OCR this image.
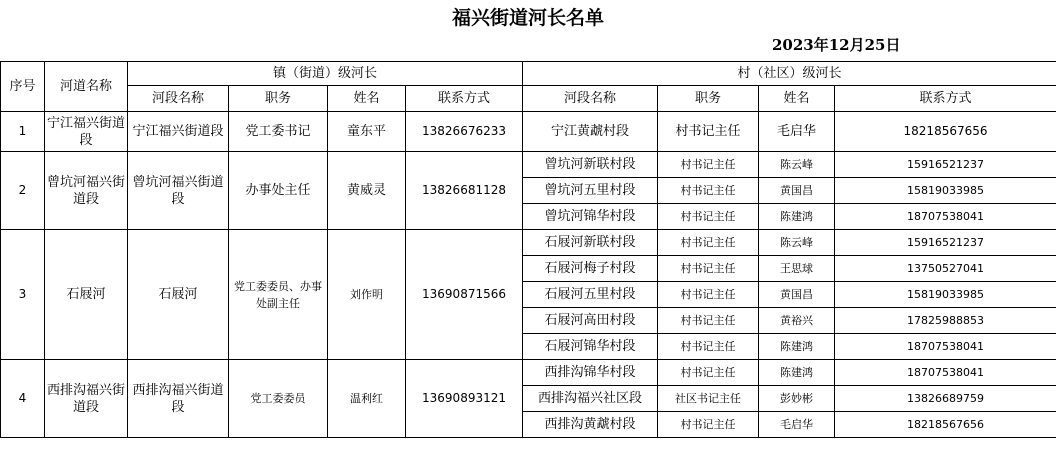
福兴街道河长名单
2023年12月25日
序号	河道名称	镇（街道）级河长				村（社区）级河长			
		河段名称	职务	姓名	联系方式	河段名称	职务	姓名	联系方式
1	宁江福兴街道段	宁江福兴街道段	党工委书记	童东平	13826676233	宁江黄虣村段	村书记主任	毛启华	18218567656
2	曾坑河福兴街道段	曾坑河福兴街道段	办事处主任	黄威灵	13826681128	曾坑河新联村段	村书记主任	陈云峰	15916521237
						曾坑河五里村段	村书记主任	黄国昌	15819033985
						曾坑河锦华村段	村书记主任	陈建鸿	18707538041
3	石屐河	石屐河	党工委委员、办事处副主任	刘作明	13690871566	石屐河新联村段	村书记主任	陈云峰	15916521237
						石屐河梅子村段	村书记主任	王思球	13750527041
						石屐河五里村段	村书记主任	黄国昌	15819033985
						石屐河高田村段	村书记主任	黄裕兴	17825988853
						石屐河锦华村段	村书记主任	陈建鸿	18707538041
4	西排沟福兴街道段	西排沟福兴街道段	党工委委员	温利红	13690893121	西排沟锦华村段	村书记主任	陈建鸿	18707538041
						西排沟福兴社区段	社区书记主任	彭妙彬	13826689759
						西排沟黄虣村段	村书记主任	毛启华	18218567656
